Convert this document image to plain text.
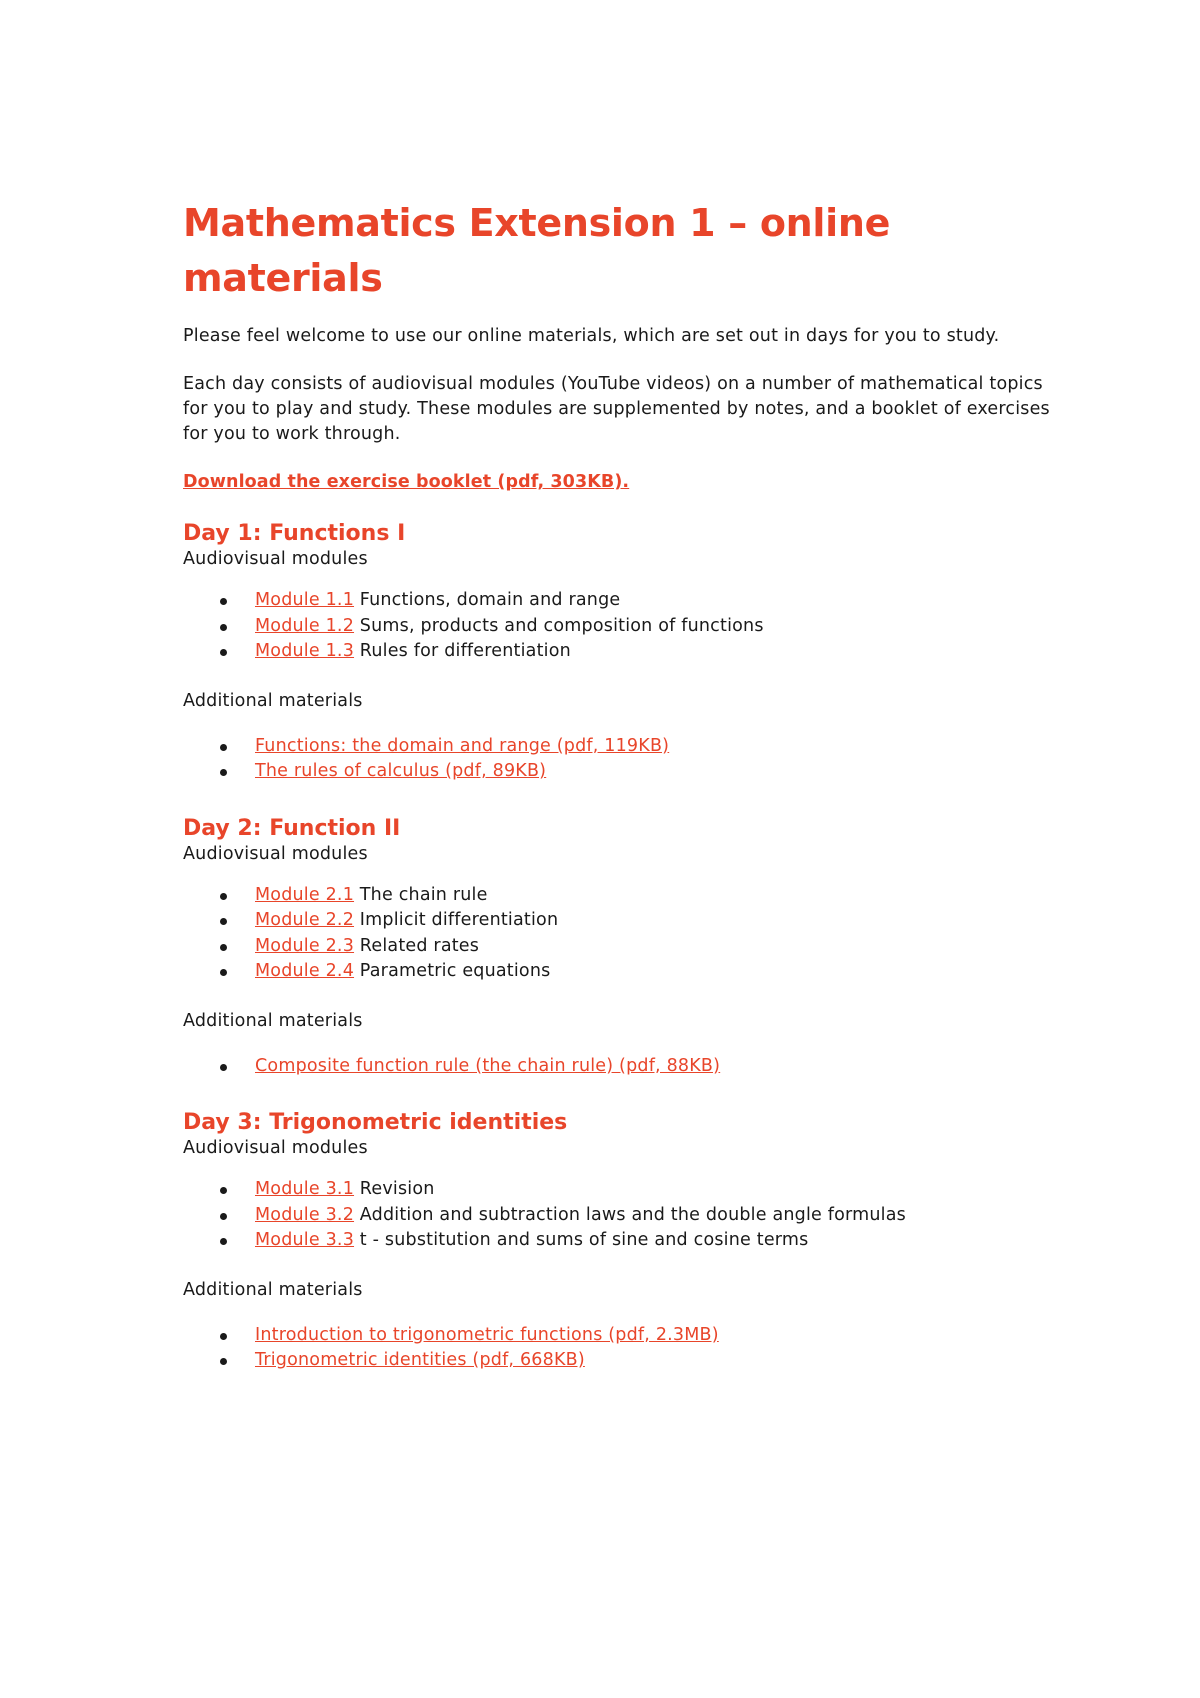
Mathematics Extension 1 – online materials

Please feel welcome to use our online materials, which are set out in days for you to study.

Each day consists of audiovisual modules (YouTube videos) on a number of mathematical topics for you to play and study. These modules are supplemented by notes, and a booklet of exercises for you to work through.

Download the exercise booklet (pdf, 303KB).
Day 1: Functions I

Audiovisual modules

Module 1.1 Functions, domain and range
Module 1.2 Sums, products and composition of functions
Module 1.3 Rules for differentiation

Additional materials

Functions: the domain and range (pdf, 119KB)
The rules of calculus (pdf, 89KB)
Day 2: Function II

Audiovisual modules

Module 2.1 The chain rule
Module 2.2 Implicit differentiation
Module 2.3 Related rates
Module 2.4 Parametric equations

Additional materials

Composite function rule (the chain rule) (pdf, 88KB)
Day 3: Trigonometric identities

Audiovisual modules

Module 3.1 Revision
Module 3.2 Addition and subtraction laws and the double angle formulas
Module 3.3 t - substitution and sums of sine and cosine terms

Additional materials

Introduction to trigonometric functions (pdf, 2.3MB)
Trigonometric identities (pdf, 668KB)
